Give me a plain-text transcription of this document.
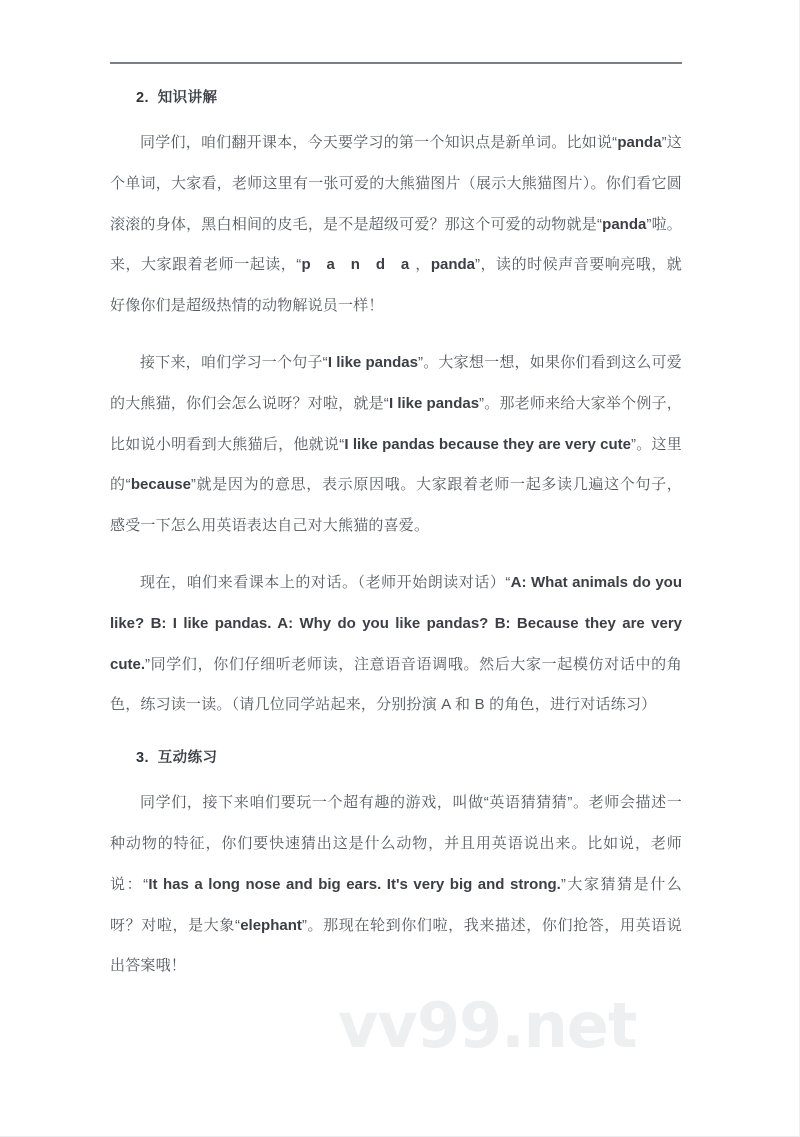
2. 知识讲解

同学们，咱们翻开课本，今天要学习的第一个知识点是新单词。比如说“panda”这个单词，大家看，老师这里有一张可爱的大熊猫图片（展示大熊猫图片）。你们看它圆滚滚的身体，黑白相间的皮毛，是不是超级可爱？那这个可爱的动物就是“panda”啦。来，大家跟着老师一起读，“p a n d a，panda”，读的时候声音要响亮哦，就好像你们是超级热情的动物解说员一样！

接下来，咱们学习一个句子“I like pandas”。大家想一想，如果你们看到这么可爱的大熊猫，你们会怎么说呀？对啦，就是“I like pandas”。那老师来给大家举个例子，比如说小明看到大熊猫后，他就说“I like pandas because they are very cute”。这里的“because”就是因为的意思，表示原因哦。大家跟着老师一起多读几遍这个句子，感受一下怎么用英语表达自己对大熊猫的喜爱。

现在，咱们来看课本上的对话。（老师开始朗读对话）“A: What animals do you like? B: I like pandas. A: Why do you like pandas? B: Because they are very cute.”同学们，你们仔细听老师读，注意语音语调哦。然后大家一起模仿对话中的角色，练习读一读。（请几位同学站起来，分别扮演 A 和 B 的角色，进行对话练习）

3. 互动练习

同学们，接下来咱们要玩一个超有趣的游戏，叫做“英语猜猜猜”。老师会描述一种动物的特征，你们要快速猜出这是什么动物，并且用英语说出来。比如说，老师说：“It has a long nose and big ears. It's very big and strong.”大家猜猜是什么呀？对啦，是大象“elephant”。那现在轮到你们啦，我来描述，你们抢答，用英语说出答案哦！

vv99.net
